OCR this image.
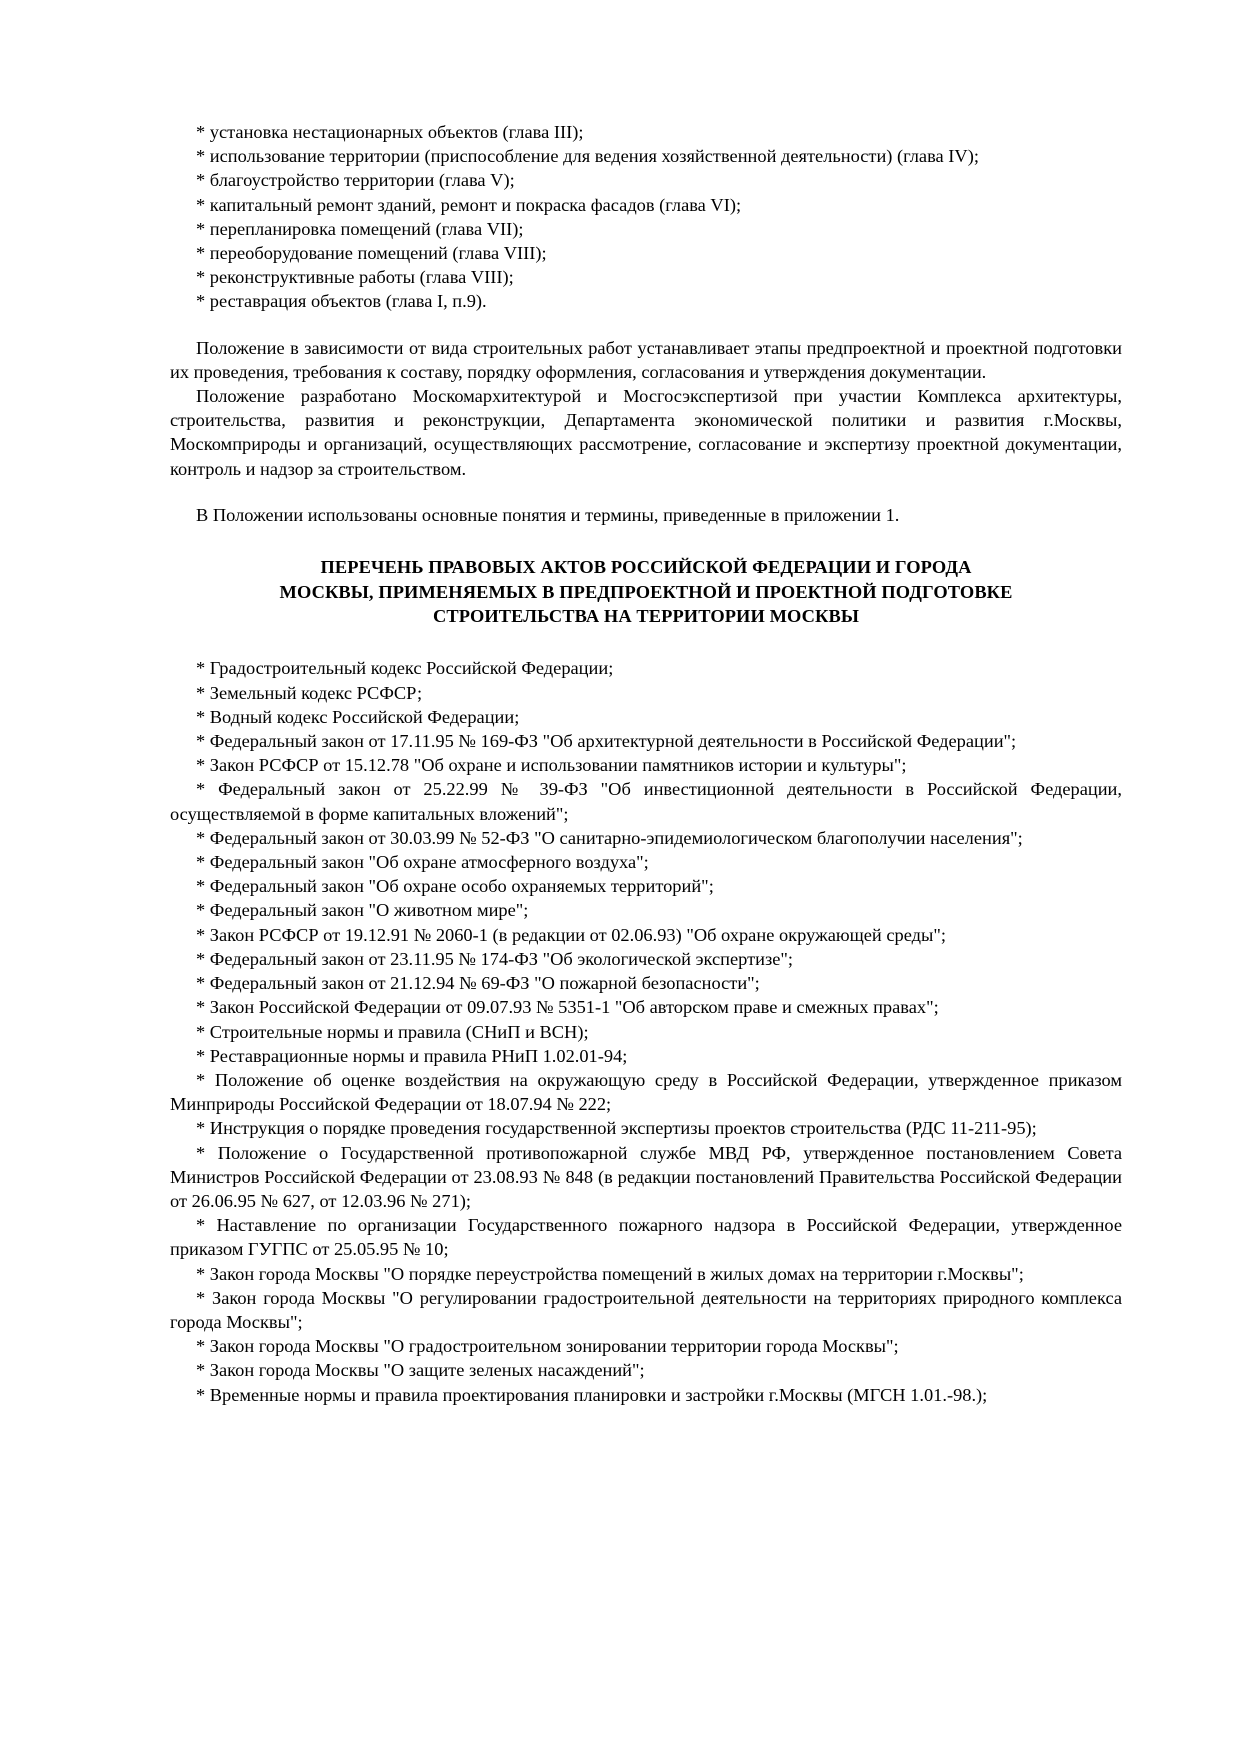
* установка нестационарных объектов (глава III);

* использование территории (приспособление для ведения хозяйственной деятельности) (глава IV);

* благоустройство территории (глава V);

* капитальный ремонт зданий, ремонт и покраска фасадов (глава VI);

* перепланировка помещений (глава VII);

* переоборудование помещений (глава VIII);

* реконструктивные работы (глава VIII);

* реставрация объектов (глава I, п.9).

Положение в зависимости от вида строительных работ устанавливает этапы предпроектной и проектной подготовки их проведения, требования к составу, порядку оформления, согласования и утверждения документации.

Положение разработано Москомархитектурой и Мосгосэкспертизой при участии Комплекса архитектуры, строительства, развития и реконструкции, Департамента экономической политики и развития г.Москвы, Москомприроды и организаций, осуществляющих рассмотрение, согласование и экспертизу проектной документации, контроль и надзор за строительством.

В Положении использованы основные понятия и термины, приведенные в приложении 1.

ПЕРЕЧЕНЬ ПРАВОВЫХ АКТОВ РОССИЙСКОЙ ФЕДЕРАЦИИ И ГОРОДА

МОСКВЫ, ПРИМЕНЯЕМЫХ В ПРЕДПРОЕКТНОЙ И ПРОЕКТНОЙ ПОДГОТОВКЕ

СТРОИТЕЛЬСТВА НА ТЕРРИТОРИИ МОСКВЫ

* Градостроительный кодекс Российской Федерации;

* Земельный кодекс РСФСР;

* Водный кодекс Российской Федерации;

* Федеральный закон от 17.11.95 № 169-ФЗ "Об архитектурной деятельности в Российской Федерации";

* Закон РСФСР от 15.12.78 "Об охране и использовании памятников истории и культуры";

* Федеральный закон от 25.22.99 № 39-ФЗ "Об инвестиционной деятельности в Российской Федерации, осуществляемой в форме капитальных вложений";

* Федеральный закон от 30.03.99 № 52-ФЗ "О санитарно-эпидемиологическом благополучии населения";

* Федеральный закон "Об охране атмосферного воздуха";

* Федеральный закон "Об охране особо охраняемых территорий";

* Федеральный закон "О животном мире";

* Закон РСФСР от 19.12.91 № 2060-1 (в редакции от 02.06.93) "Об охране окружающей среды";

* Федеральный закон от 23.11.95 № 174-ФЗ "Об экологической экспертизе";

* Федеральный закон от 21.12.94 № 69-ФЗ "О пожарной безопасности";

* Закон Российской Федерации от 09.07.93 № 5351-1 "Об авторском праве и смежных правах";

* Строительные нормы и правила (СНиП и ВСН);

* Реставрационные нормы и правила РНиП 1.02.01-94;

* Положение об оценке воздействия на окружающую среду в Российской Федерации, утвержденное приказом Минприроды Российской Федерации от 18.07.94 № 222;

* Инструкция о порядке проведения государственной экспертизы проектов строительства (РДС 11-211-95);

* Положение о Государственной противопожарной службе МВД РФ, утвержденное постановлением Совета Министров Российской Федерации от 23.08.93 № 848 (в редакции постановлений Правительства Российской Федерации от 26.06.95 № 627, от 12.03.96 № 271);

* Наставление по организации Государственного пожарного надзора в Российской Федерации, утвержденное приказом ГУГПС от 25.05.95 № 10;

* Закон города Москвы "О порядке переустройства помещений в жилых домах на территории г.Москвы";

* Закон города Москвы "О регулировании градостроительной деятельности на территориях природного комплекса города Москвы";

* Закон города Москвы "О градостроительном зонировании территории города Москвы";

* Закон города Москвы "О защите зеленых насаждений";

* Временные нормы и правила проектирования планировки и застройки г.Москвы (МГСН 1.01.-98.);
